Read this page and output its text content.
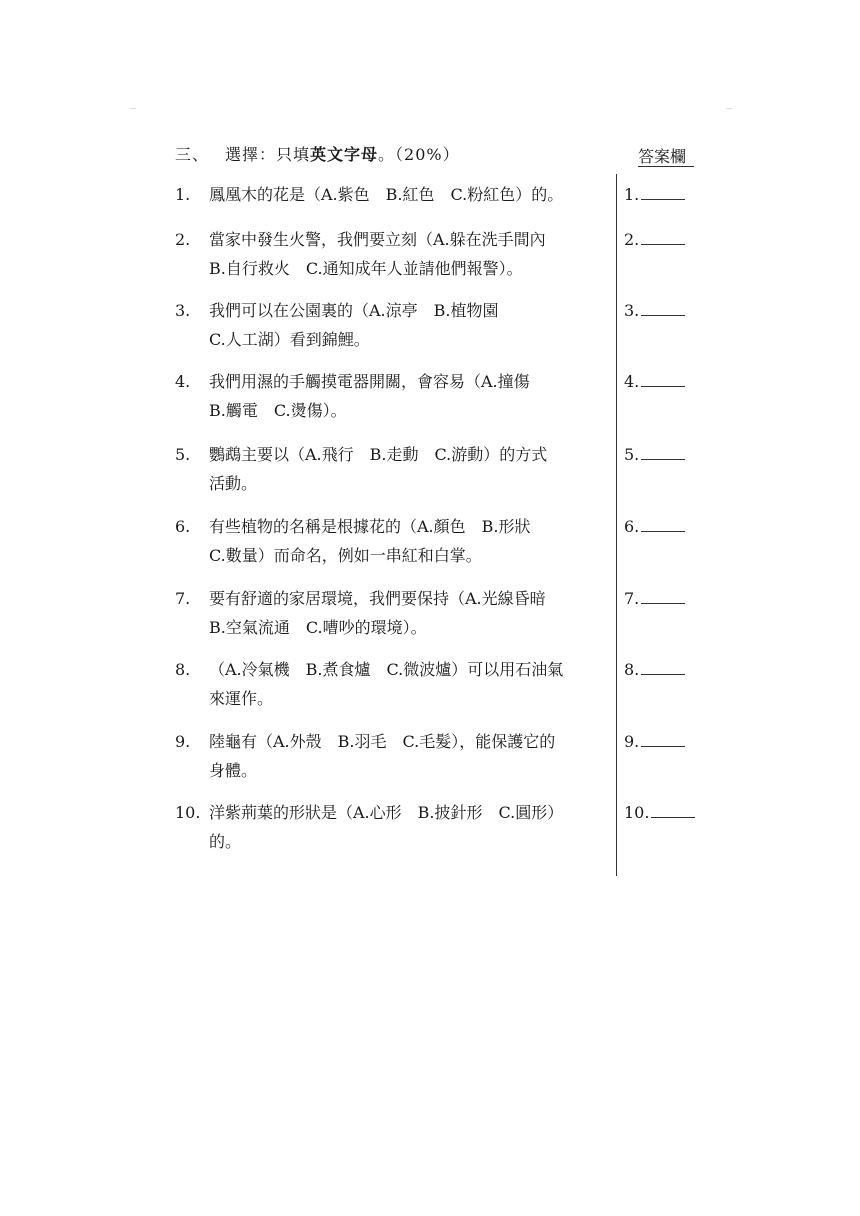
三、 選擇：只填英文字母。（20%）	答案欄
1. 鳳凰木的花是（A.紫色　B.紅色　C.粉紅色）的。	1.
2. 當家中發生火警，我們要立刻（A.躲在洗手間內
B.自行救火　C.通知成年人並請他們報警）。
2.
3. 我們可以在公園裏的（A.涼亭　B.植物園
C.人工湖）看到錦鯉。
3.
4. 我們用濕的手觸摸電器開關，會容易（A.撞傷
B.觸電　C.燙傷）。
4.
5. 鸚鵡主要以（A.飛行　B.走動　C.游動）的方式
活動。
5.
6. 有些植物的名稱是根據花的（A.顏色　B.形狀
C.數量）而命名，例如一串紅和白掌。
6.
7. 要有舒適的家居環境，我們要保持（A.光線昏暗
B.空氣流通　C.嘈吵的環境）。
7.
8. （A.冷氣機　B.煮食爐　C.微波爐）可以用石油氣
來運作。
8.
9. 陸龜有（A.外殼　B.羽毛　C.毛髮），能保護它的
身體。
9.
10. 洋紫荊葉的形狀是（A.心形　B.披針形　C.圓形）
的。
10.
